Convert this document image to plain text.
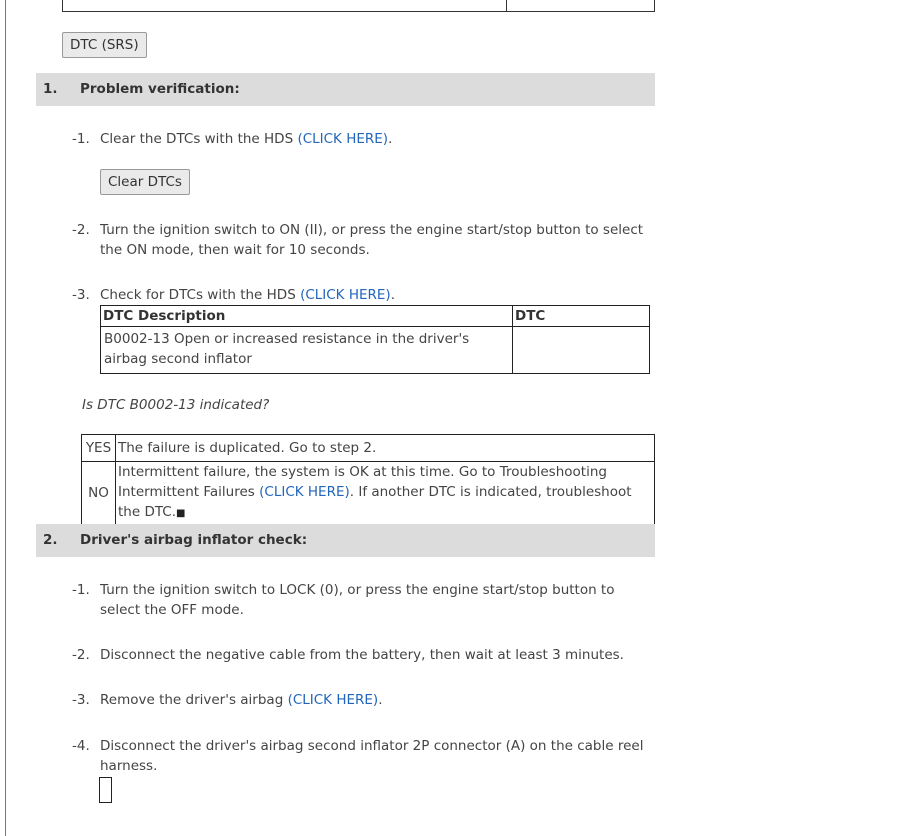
DTC (SRS)
1. Problem verification:
-1. Clear the DTCs with the HDS (CLICK HERE).
Clear DTCs
-2. Turn the ignition switch to ON (II), or press the engine start/stop button to select the ON mode, then wait for 10 seconds.
-3. Check for DTCs with the HDS (CLICK HERE).
DTC Description	DTC
B0002-13 Open or increased resistance in the driver's airbag second inflator	
Is DTC B0002-13 indicated?
YES	The failure is duplicated. Go to step 2.
NO	Intermittent failure, the system is OK at this time. Go to Troubleshooting Intermittent Failures (CLICK HERE). If another DTC is indicated, troubleshoot the DTC.■
2. Driver's airbag inflator check:
-1. Turn the ignition switch to LOCK (0), or press the engine start/stop button to select the OFF mode.
-2. Disconnect the negative cable from the battery, then wait at least 3 minutes.
-3. Remove the driver's airbag (CLICK HERE).
-4. Disconnect the driver's airbag second inflator 2P connector (A) on the cable reel harness.
